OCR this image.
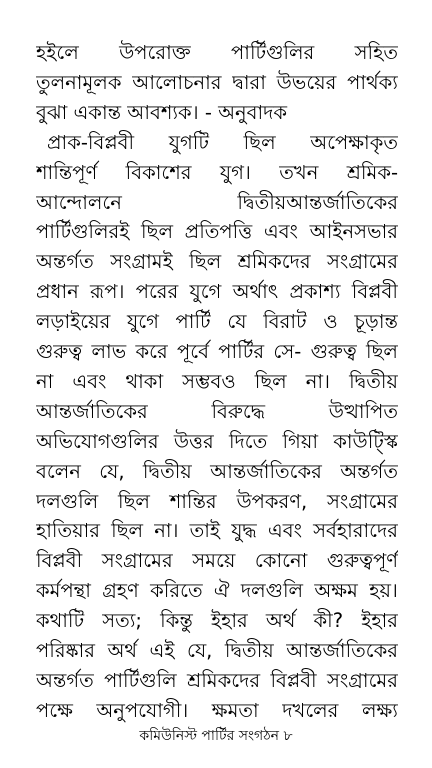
হইলে উপরোক্ত পার্টিগুলির সহিত
তুলনামূলক আলোচনার দ্বারা উভয়ের পার্থক্য
বুঝা একান্ত আবশ্যক। - অনুবাদক
প্রাক-বিপ্লবী যুগটি ছিল অপেক্ষাকৃত
শান্তিপূর্ণ বিকাশের যুগ। তখন শ্রমিক-
আন্দোলনে	দ্বিতীয়আন্তর্জাতিকের
পার্টিগুলিরই ছিল প্রতিপত্তি এবং আইনসভার
অন্তর্গত সংগ্রামই ছিল শ্রমিকদের সংগ্রামের
প্রধান রূপ। পরের যুগে অর্থাৎ প্রকাশ্য বিপ্লবী
লড়াইয়ের যুগে পার্টি যে বিরাট ও চূড়ান্ত
গুরুত্ব লাভ করে পূর্বে পার্টির সে- গুরুত্ব ছিল
না এবং থাকা সম্ভবও ছিল না। দ্বিতীয়
আন্তর্জাতিকের	বিরুদ্ধে	উত্থাপিত
অভিযোগগুলির উত্তর দিতে গিয়া কাউট্স্কি
বলেন যে, দ্বিতীয় আন্তর্জাতিকের অন্তর্গত
দলগুলি ছিল শান্তির উপকরণ, সংগ্রামের
হাতিয়ার ছিল না। তাই যুদ্ধ এবং সর্বহারাদের
বিপ্লবী সংগ্রামের সময়ে কোনো গুরুত্বপূর্ণ
কর্মপন্থা গ্রহণ করিতে ঐ দলগুলি অক্ষম হয়।
কথাটি সত্য; কিন্তু ইহার অর্থ কী? ইহার
পরিষ্কার অর্থ এই যে, দ্বিতীয় আন্তর্জাতিকের
অন্তর্গত পার্টিগুলি শ্রমিকদের বিপ্লবী সংগ্রামের
পক্ষে অনুপযোগী। ক্ষমতা দখলের লক্ষ্য
কমিউনিস্ট পার্টির সংগঠন ৮
